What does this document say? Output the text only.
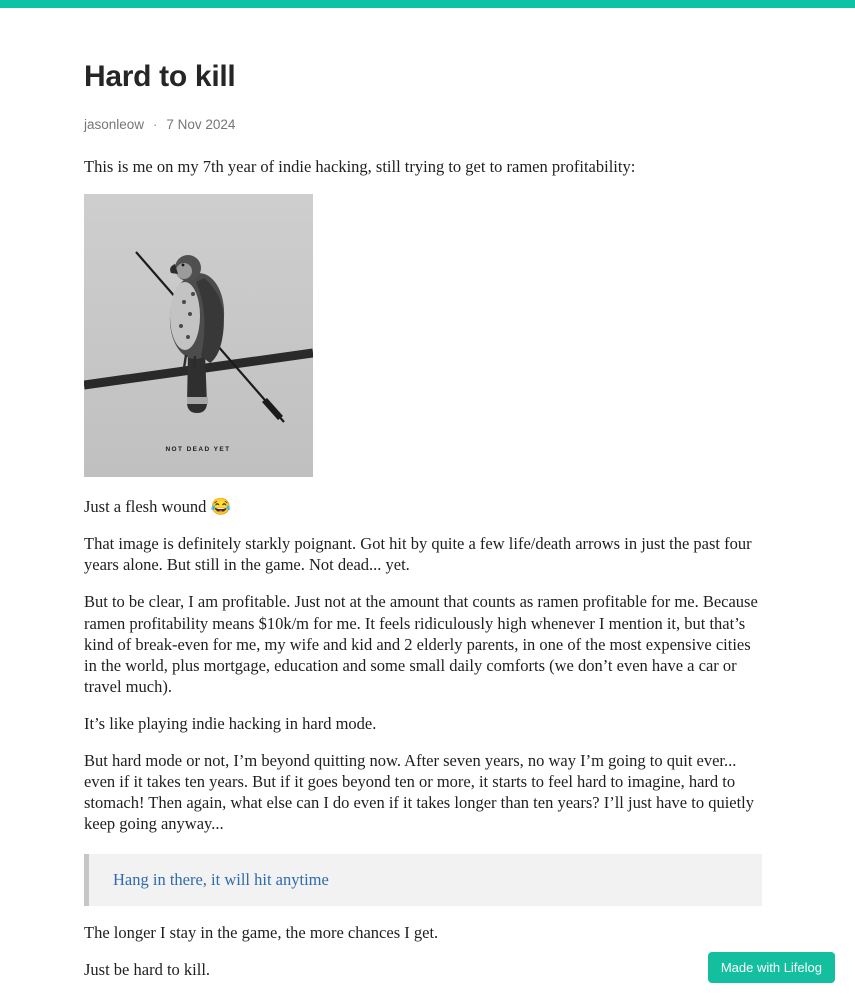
Hard to kill
jasonleow · 7 Nov 2024

This is me on my 7th year of indie hacking, still trying to get to ramen profitability:

NOT DEAD YET

Just a flesh wound 😂

That image is definitely starkly poignant. Got hit by quite a few life/death arrows in just the past four years alone. But still in the game. Not dead... yet.

But to be clear, I am profitable. Just not at the amount that counts as ramen profitable for me. Because ramen profitability means $10k/m for me. It feels ridiculously high whenever I mention it, but that’s kind of break-even for me, my wife and kid and 2 elderly parents, in one of the most expensive cities in the world, plus mortgage, education and some small daily comforts (we don’t even have a car or travel much).

It’s like playing indie hacking in hard mode.

But hard mode or not, I’m beyond quitting now. After seven years, no way I’m going to quit ever... even if it takes ten years. But if it goes beyond ten or more, it starts to feel hard to imagine, hard to stomach! Then again, what else can I do even if it takes longer than ten years? I’ll just have to quietly keep going anyway...

Hang in there, it will hit anytime

The longer I stay in the game, the more chances I get.

Just be hard to kill.	Made with Lifelog
